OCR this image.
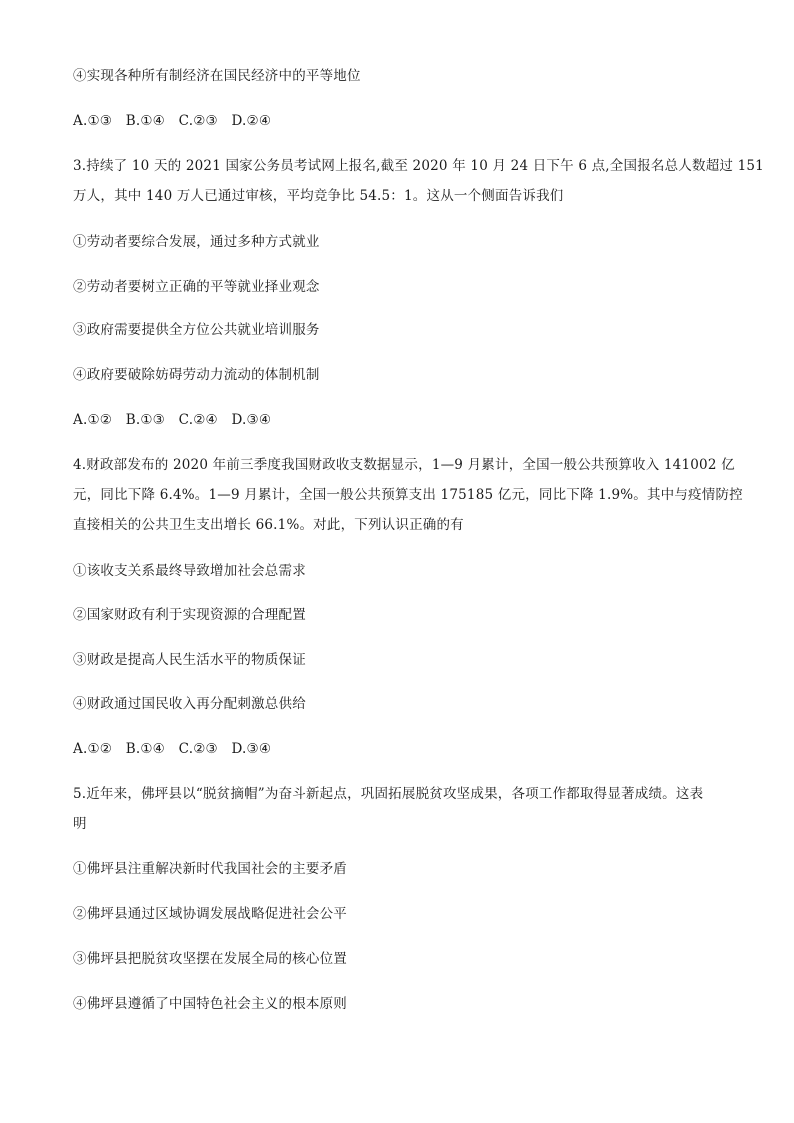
④实现各种所有制经济在国民经济中的平等地位
A.①③　B.①④　C.②③　D.②④
3.持续了 10 天的 2021 国家公务员考试网上报名,截至 2020 年 10 月 24 日下午 6 点,全国报名总人数超过 151
万人，其中 140 万人已通过审核，平均竞争比 54.5：1。这从一个侧面告诉我们
①劳动者要综合发展，通过多种方式就业
②劳动者要树立正确的平等就业择业观念
③政府需要提供全方位公共就业培训服务
④政府要破除妨碍劳动力流动的体制机制
A.①②　B.①③　C.②④　D.③④
4.财政部发布的 2020 年前三季度我国财政收支数据显示，1—9 月累计，全国一般公共预算收入 141002 亿
元，同比下降 6.4%。1—9 月累计，全国一般公共预算支出 175185 亿元，同比下降 1.9%。其中与疫情防控
直接相关的公共卫生支出增长 66.1%。对此，下列认识正确的有
①该收支关系最终导致增加社会总需求
②国家财政有利于实现资源的合理配置
③财政是提高人民生活水平的物质保证
④财政通过国民收入再分配刺激总供给
A.①②　B.①④　C.②③　D.③④
5.近年来，佛坪县以“脱贫摘帽”为奋斗新起点，巩固拓展脱贫攻坚成果，各项工作都取得显著成绩。这表
明
①佛坪县注重解决新时代我国社会的主要矛盾
②佛坪县通过区域协调发展战略促进社会公平
③佛坪县把脱贫攻坚摆在发展全局的核心位置
④佛坪县遵循了中国特色社会主义的根本原则
